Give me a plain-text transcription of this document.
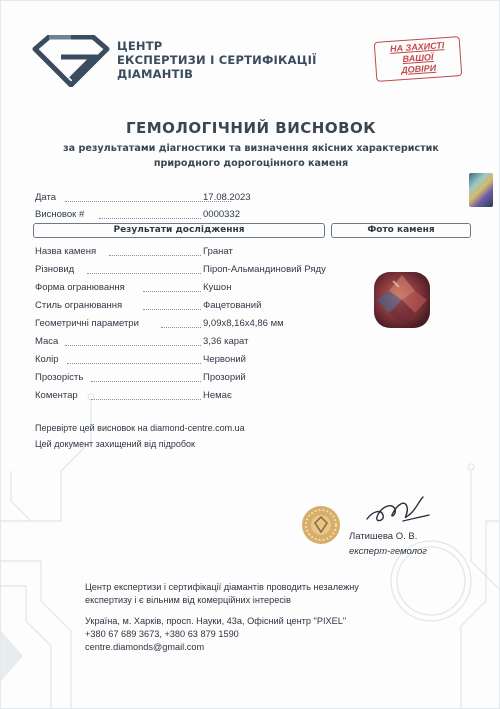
ЦЕНТР
ЕКСПЕРТИЗИ І СЕРТИФІКАЦІЇ
ДІАМАНТІВ
НА ЗАХИСТІ
ВАШОЇ
ДОВІРИ
ГЕМОЛОГІЧНИЙ ВИСНОВОК
за результатами діагностики та визначення якісних характеристик
природного дорогоцінного каменя
Дата	17.08.2023
Висновок #	0000332
Результати дослідження	Фото каменя
Назва каменя	Гранат
Різновид	Піроп-Альмандиновий Ряду
Форма огранювання	Кушон
Стиль огранювання	Фацетований
Геометричні параметри	9,09x8,16x4,86 мм
Маса	3,36 карат
Колір	Червоний
Прозорість	Прозорий
Коментар	Немає
Перевірте цей висновок на diamond-centre.com.ua
Цей документ захищений від підробок
Латишева О. В.
експерт-гемолог
Центр експертизи і сертифікації діамантів проводить незалежну
експертизу і є вільним від комерційних інтересів
Україна, м. Харків, просп. Науки, 43а, Офісний центр "PIXEL"
+380 67 689 3673, +380 63 879 1590
centre.diamonds@gmail.com
